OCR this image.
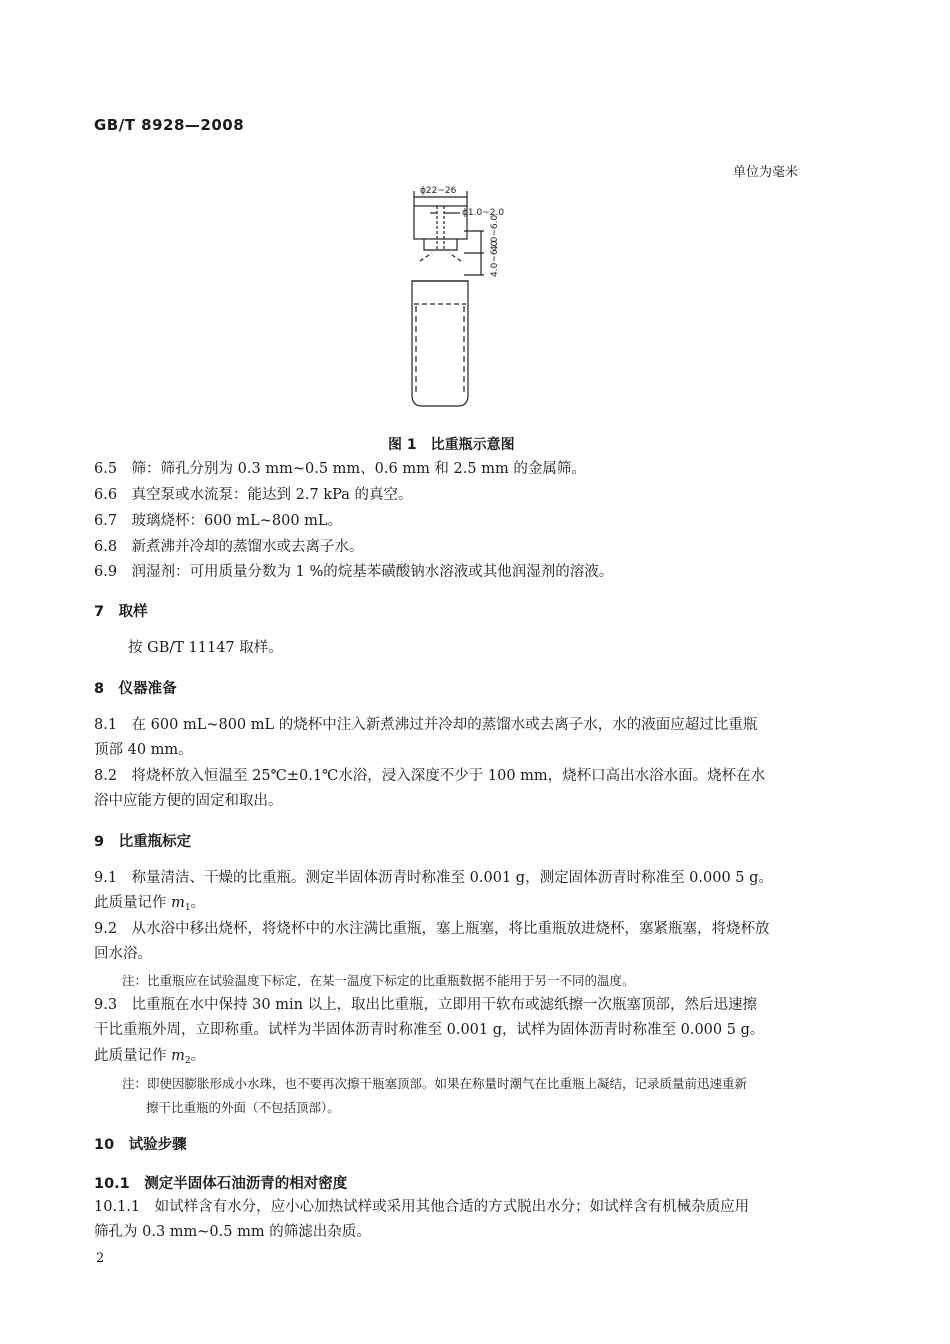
GB/T 8928—2008
单位为毫米
ϕ22~26
ϕ1.0~2.0
4.0~6.0
4.0~6.0
图 1　比重瓶示意图
6.5　筛：筛孔分别为 0.3 mm~0.5 mm、0.6 mm 和 2.5 mm 的金属筛。
6.6　真空泵或水流泵：能达到 2.7 kPa 的真空。
6.7　玻璃烧杯：600 mL~800 mL。
6.8　新煮沸并冷却的蒸馏水或去离子水。
6.9　润湿剂：可用质量分数为 1 %的烷基苯磺酸钠水溶液或其他润湿剂的溶液。
7　取样
按 GB/T 11147 取样。
8　仪器准备
8.1　在 600 mL~800 mL 的烧杯中注入新煮沸过并冷却的蒸馏水或去离子水，水的液面应超过比重瓶
顶部 40 mm。
8.2　将烧杯放入恒温至 25℃±0.1℃水浴，浸入深度不少于 100 mm，烧杯口高出水浴水面。烧杯在水
浴中应能方便的固定和取出。
9　比重瓶标定
9.1　称量清洁、干燥的比重瓶。测定半固体沥青时称准至 0.001 g，测定固体沥青时称准至 0.000 5 g。
此质量记作 $m_1$。
9.2　从水浴中移出烧杯，将烧杯中的水注满比重瓶，塞上瓶塞，将比重瓶放进烧杯，塞紧瓶塞，将烧杯放
回水浴。
注：比重瓶应在试验温度下标定，在某一温度下标定的比重瓶数据不能用于另一不同的温度。
9.3　比重瓶在水中保持 30 min 以上，取出比重瓶，立即用干软布或滤纸擦一次瓶塞顶部，然后迅速擦
干比重瓶外周，立即称重。试样为半固体沥青时称准至 0.001 g，试样为固体沥青时称准至 0.000 5 g。
此质量记作 $m_2$。
注：即使因膨胀形成小水珠，也不要再次擦干瓶塞顶部。如果在称量时潮气在比重瓶上凝结，记录质量前迅速重新
擦干比重瓶的外面（不包括顶部）。
10　试验步骤
10.1　测定半固体石油沥青的相对密度
10.1.1　如试样含有水分，应小心加热试样或采用其他合适的方式脱出水分；如试样含有机械杂质应用
筛孔为 0.3 mm~0.5 mm 的筛滤出杂质。
2
